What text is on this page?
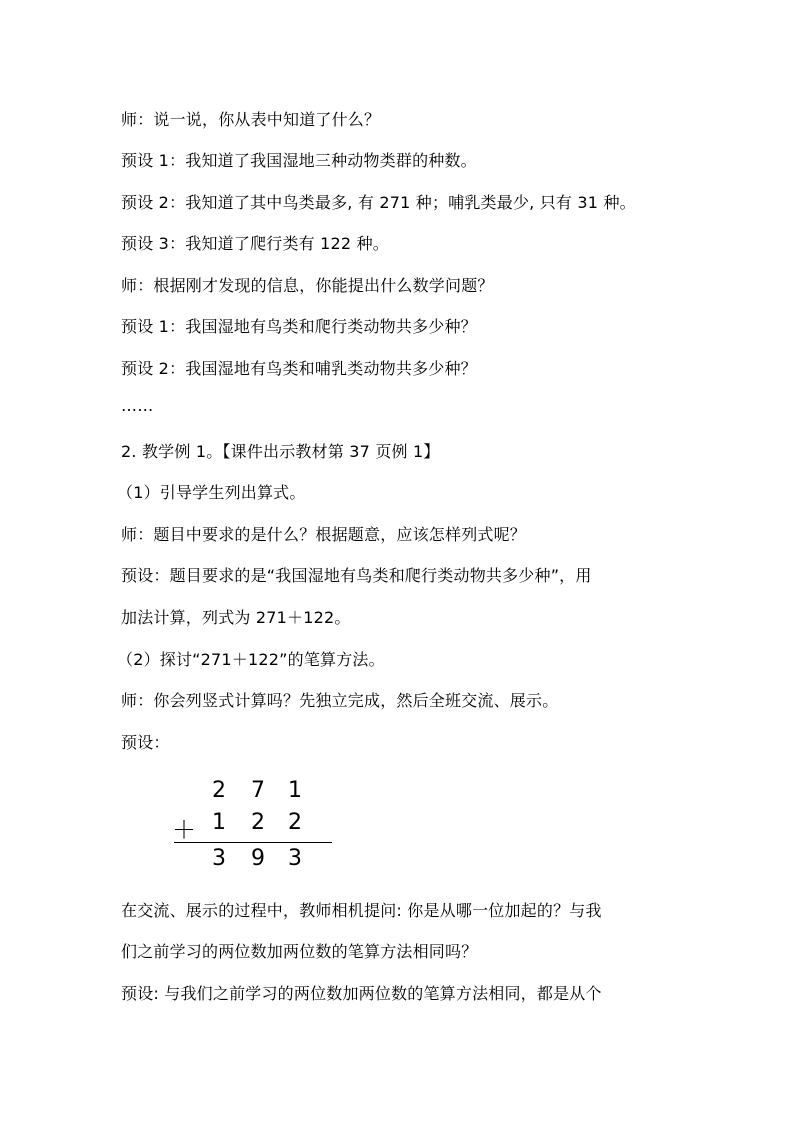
师：说一说，你从表中知道了什么？
预设 1：我知道了我国湿地三种动物类群的种数。
预设 2：我知道了其中鸟类最多, 有 271 种；哺乳类最少, 只有 31 种。
预设 3：我知道了爬行类有 122 种。
师：根据刚才发现的信息，你能提出什么数学问题？
预设 1：我国湿地有鸟类和爬行类动物共多少种？
预设 2：我国湿地有鸟类和哺乳类动物共多少种？
……
2. 教学例 1。【课件出示教材第 37 页例 1】
（1）引导学生列出算式。
师：题目中要求的是什么？根据题意，应该怎样列式呢？
预设：题目要求的是“我国湿地有鸟类和爬行类动物共多少种”，用
加法计算，列式为 271＋122。
（2）探讨“271＋122”的笔算方法。
师：你会列竖式计算吗？先独立完成，然后全班交流、展示。
预设：
2 7 1
＋ 1 2 2
3 9 3
在交流、展示的过程中，教师相机提问: 你是从哪一位加起的？与我
们之前学习的两位数加两位数的笔算方法相同吗？
预设: 与我们之前学习的两位数加两位数的笔算方法相同，都是从个
